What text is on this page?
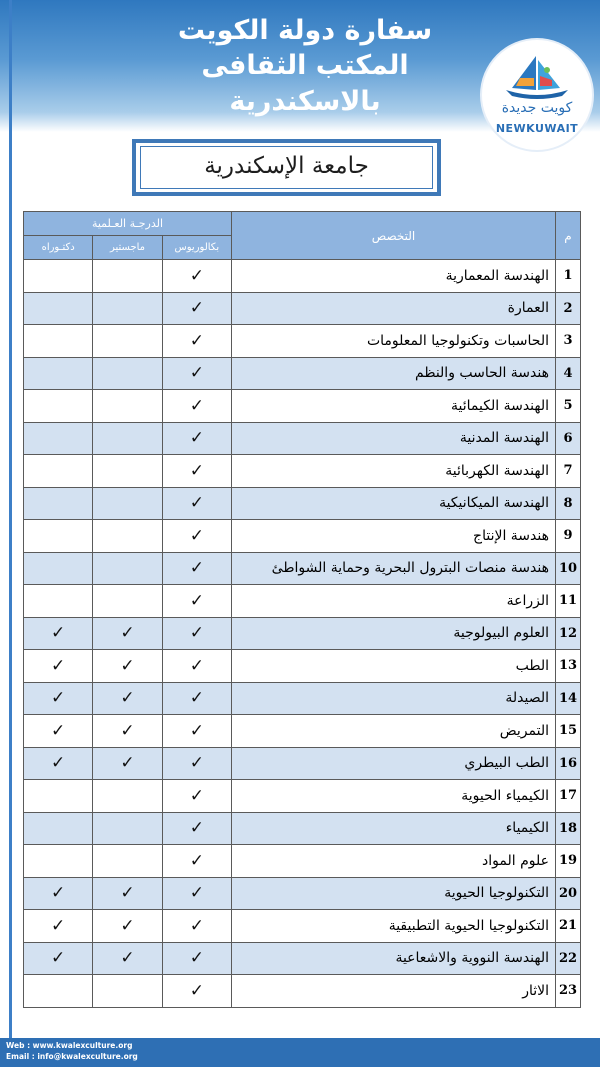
سفارة دولة الكويت
المكتب الثقافى بالاسكندرية	كويت جديدة
NEWKUWAIT
جامعة الإسكندرية
م	التخصص	الدرجـة العـلمية		
		بكالوريوس	ماجستير	دكتـوراه
1	الهندسة المعمارية	✓		
2	العمارة	✓		
3	الحاسبات وتكنولوجيا المعلومات	✓		
4	هندسة الحاسب والنظم	✓		
5	الهندسة الكيمائية	✓		
6	الهندسة المدنية	✓		
7	الهندسة الكهربائية	✓		
8	الهندسة الميكانيكية	✓		
9	هندسة الإنتاج	✓		
10	هندسة منصات البترول البحرية وحماية الشواطئ	✓		
11	الزراعة	✓		
12	العلوم البيولوجية	✓	✓	✓
13	الطب	✓	✓	✓
14	الصيدلة	✓	✓	✓
15	التمريض	✓	✓	✓
16	الطب البيطري	✓	✓	✓
17	الكيمياء الحيوية	✓		
18	الكيمياء	✓		
19	علوم المواد	✓		
20	التكنولوجيا الحيوية	✓	✓	✓
21	التكنولوجيا الحيوية التطبيقية	✓	✓	✓
22	الهندسة النووية والاشعاعية	✓	✓	✓
23	الاثار	✓		
Web : www.kwalexculture.org
Email : info@kwalexculture.org
